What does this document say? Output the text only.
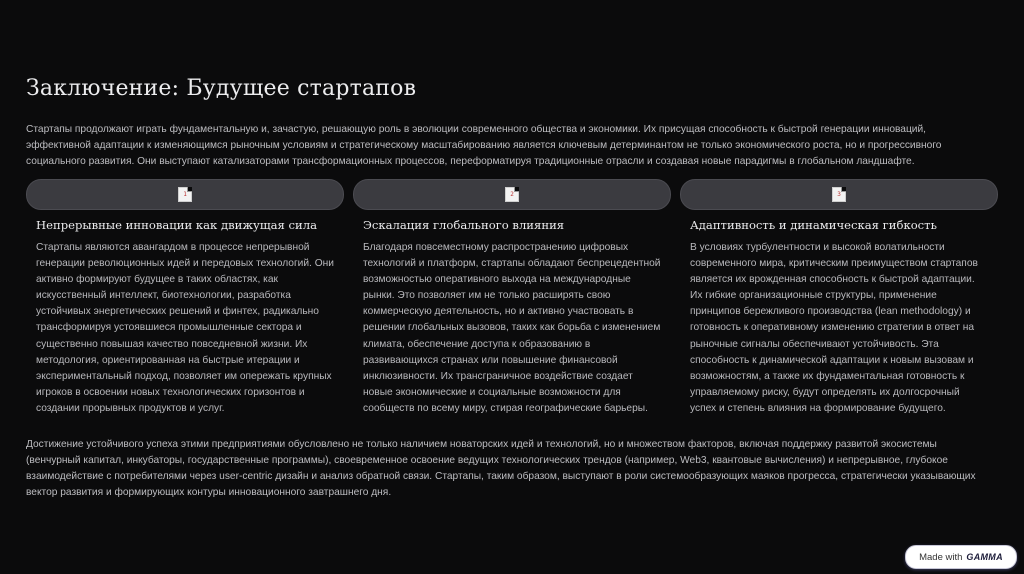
Заключение: Будущее стартапов
Стартапы продолжают играть фундаментальную и, зачастую, решающую роль в эволюции современного общества и экономики. Их присущая способность к быстрой генерации инноваций, эффективной адаптации к изменяющимся рыночным условиям и стратегическому масштабированию является ключевым детерминантом не только экономического роста, но и прогрессивного социального развития. Они выступают катализаторами трансформационных процессов, переформатируя традиционные отрасли и создавая новые парадигмы в глобальном ландшафте.
1
Непрерывные инновации как движущая сила

Стартапы являются авангардом в процессе непрерывной генерации революционных идей и передовых технологий. Они активно формируют будущее в таких областях, как искусственный интеллект, биотехнологии, разработка устойчивых энергетических решений и финтех, радикально трансформируя устоявшиеся промышленные сектора и существенно повышая качество повседневной жизни. Их методология, ориентированная на быстрые итерации и экспериментальный подход, позволяет им опережать крупных игроков в освоении новых технологических горизонтов и создании прорывных продуктов и услуг.

2
Эскалация глобального влияния

Благодаря повсеместному распространению цифровых технологий и платформ, стартапы обладают беспрецедентной возможностью оперативного выхода на международные рынки. Это позволяет им не только расширять свою коммерческую деятельность, но и активно участвовать в решении глобальных вызовов, таких как борьба с изменением климата, обеспечение доступа к образованию в развивающихся странах или повышение финансовой инклюзивности. Их трансграничное воздействие создает новые экономические и социальные возможности для сообществ по всему миру, стирая географические барьеры.

3
Адаптивность и динамическая гибкость

В условиях турбулентности и высокой волатильности современного мира, критическим преимуществом стартапов является их врожденная способность к быстрой адаптации. Их гибкие организационные структуры, применение принципов бережливого производства (lean methodology) и готовность к оперативному изменению стратегии в ответ на рыночные сигналы обеспечивают устойчивость. Эта способность к динамической адаптации к новым вызовам и возможностям, а также их фундаментальная готовность к управляемому риску, будут определять их долгосрочный успех и степень влияния на формирование будущего.

Достижение устойчивого успеха этими предприятиями обусловлено не только наличием новаторских идей и технологий, но и множеством факторов, включая поддержку развитой экосистемы (венчурный капитал, инкубаторы, государственные программы), своевременное освоение ведущих технологических трендов (например, Web3, квантовые вычисления) и непрерывное, глубокое взаимодействие с потребителями через user-centric дизайн и анализ обратной связи. Стартапы, таким образом, выступают в роли системообразующих маяков прогресса, стратегически указывающих вектор развития и формирующих контуры инновационного завтрашнего дня.
Made with GAMMA
